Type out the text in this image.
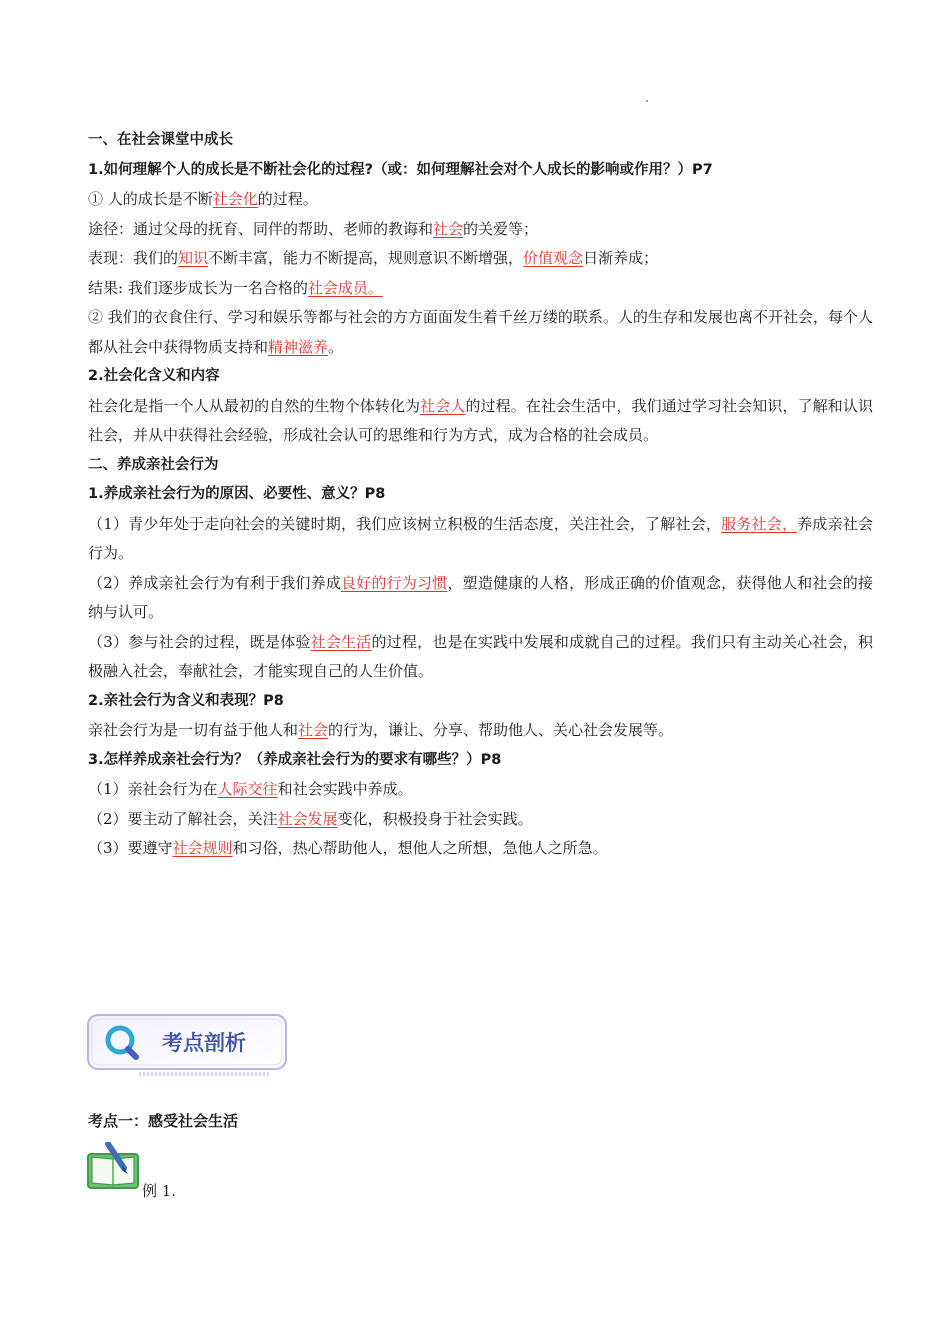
一、在社会课堂中成长

1.如何理解个人的成长是不断社会化的过程?（或：如何理解社会对个人成长的影响或作用？）P7

① 人的成长是不断社会化的过程。

途径：通过父母的抚育、同伴的帮助、老师的教诲和社会的关爱等；

表现：我们的知识不断丰富，能力不断提高，规则意识不断增强，价值观念日渐养成；

结果: 我们逐步成长为一名合格的社会成员。

② 我们的衣食住行、学习和娱乐等都与社会的方方面面发生着千丝万缕的联系。人的生存和发展也离不开社会，每个人都从社会中获得物质支持和精神滋养。

2.社会化含义和内容

社会化是指一个人从最初的自然的生物个体转化为社会人的过程。在社会生活中，我们通过学习社会知识，了解和认识社会，并从中获得社会经验，形成社会认可的思维和行为方式，成为合格的社会成员。

二、养成亲社会行为

1.养成亲社会行为的原因、必要性、意义？P8

（1）青少年处于走向社会的关键时期，我们应该树立积极的生活态度，关注社会，了解社会，服务社会，养成亲社会行为。

（2）养成亲社会行为有利于我们养成良好的行为习惯，塑造健康的人格，形成正确的价值观念，获得他人和社会的接纳与认可。

（3）参与社会的过程，既是体验社会生活的过程，也是在实践中发展和成就自己的过程。我们只有主动关心社会，积极融入社会，奉献社会，才能实现自己的人生价值。

2.亲社会行为含义和表现？P8

亲社会行为是一切有益于他人和社会的行为，谦让、分享、帮助他人、关心社会发展等。

3.怎样养成亲社会行为？（养成亲社会行为的要求有哪些？）P8

（1）亲社会行为在人际交往和社会实践中养成。

（2）要主动了解社会，关注社会发展变化，积极投身于社会实践。

（3）要遵守社会规则和习俗，热心帮助他人，想他人之所想，急他人之所急。

考点剖析
考点一：感受社会生活
例 1.
